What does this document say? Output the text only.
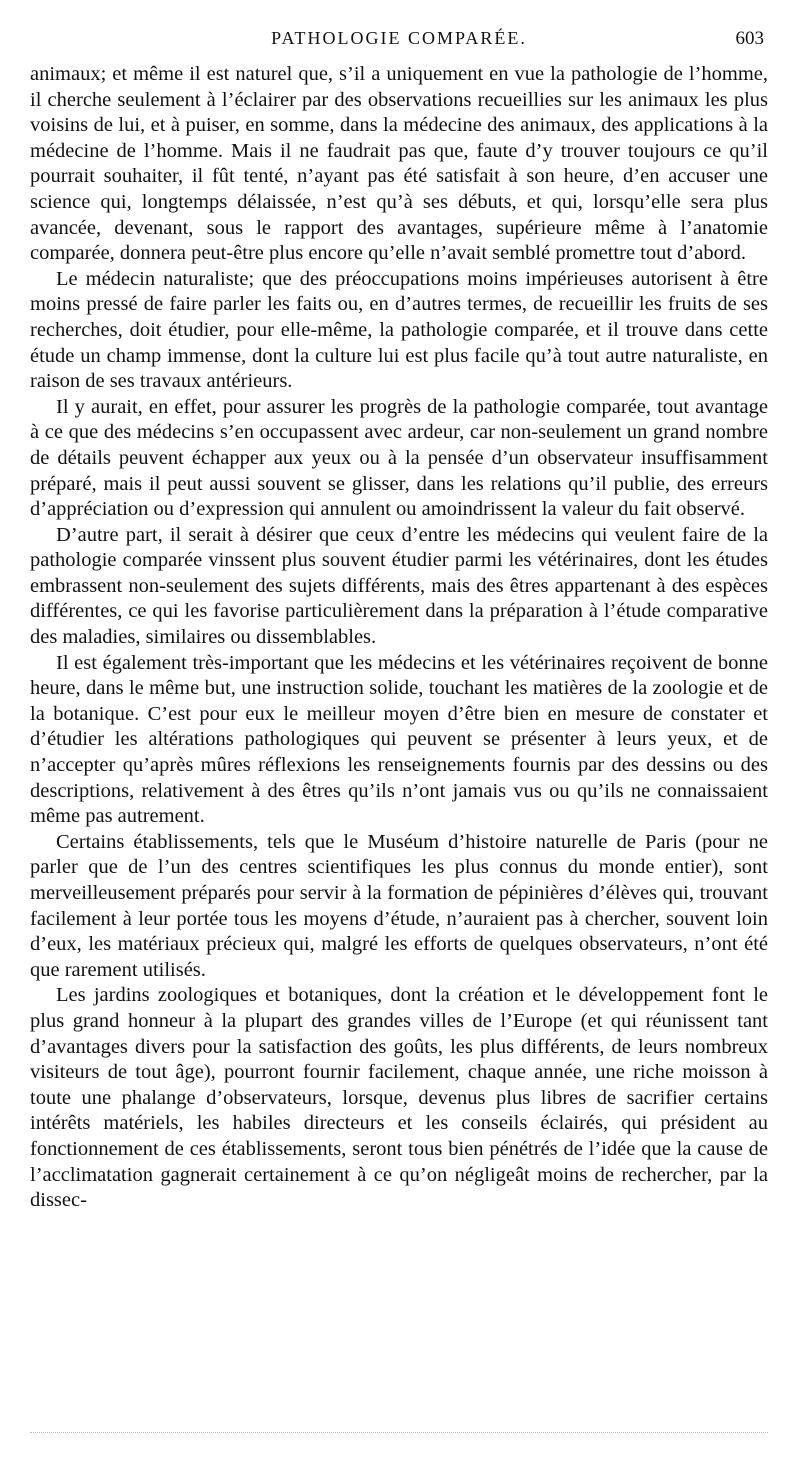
PATHOLOGIE COMPARÉE.	603

animaux; et même il est naturel que, s’il a uniquement en vue la pathologie de l’homme, il cherche seulement à l’éclairer par des observations recueillies sur les animaux les plus voisins de lui, et à puiser, en somme, dans la médecine des animaux, des applications à la médecine de l’homme. Mais il ne faudrait pas que, faute d’y trouver toujours ce qu’il pourrait souhaiter, il fût tenté, n’ayant pas été satisfait à son heure, d’en accuser une science qui, longtemps délaissée, n’est qu’à ses débuts, et qui, lorsqu’elle sera plus avancée, devenant, sous le rapport des avantages, supérieure même à l’anatomie comparée, donnera peut-être plus encore qu’elle n’avait semblé promettre tout d’abord.

Le médecin naturaliste; que des préoccupations moins impérieuses autorisent à être moins pressé de faire parler les faits ou, en d’autres termes, de recueillir les fruits de ses recherches, doit étudier, pour elle-même, la pathologie comparée, et il trouve dans cette étude un champ immense, dont la culture lui est plus facile qu’à tout autre naturaliste, en raison de ses travaux antérieurs.

Il y aurait, en effet, pour assurer les progrès de la pathologie comparée, tout avantage à ce que des médecins s’en occupassent avec ardeur, car non-seulement un grand nombre de détails peuvent échapper aux yeux ou à la pensée d’un observateur insuffisamment préparé, mais il peut aussi souvent se glisser, dans les relations qu’il publie, des erreurs d’appréciation ou d’expression qui annulent ou amoindrissent la valeur du fait observé.

D’autre part, il serait à désirer que ceux d’entre les médecins qui veulent faire de la pathologie comparée vinssent plus souvent étudier parmi les vétérinaires, dont les études embrassent non-seulement des sujets différents, mais des êtres appartenant à des espèces différentes, ce qui les favorise particulièrement dans la préparation à l’étude comparative des maladies, similaires ou dissemblables.

Il est également très-important que les médecins et les vétérinaires reçoivent de bonne heure, dans le même but, une instruction solide, touchant les matières de la zoologie et de la botanique. C’est pour eux le meilleur moyen d’être bien en mesure de constater et d’étudier les altérations pathologiques qui peuvent se présenter à leurs yeux, et de n’accepter qu’après mûres réflexions les renseignements fournis par des dessins ou des descriptions, relativement à des êtres qu’ils n’ont jamais vus ou qu’ils ne connaissaient même pas autrement.

Certains établissements, tels que le Muséum d’histoire naturelle de Paris (pour ne parler que de l’un des centres scientifiques les plus connus du monde entier), sont merveilleusement préparés pour servir à la formation de pépinières d’élèves qui, trouvant facilement à leur portée tous les moyens d’étude, n’auraient pas à chercher, souvent loin d’eux, les matériaux précieux qui, malgré les efforts de quelques observateurs, n’ont été que rarement utilisés.

Les jardins zoologiques et botaniques, dont la création et le développement font le plus grand honneur à la plupart des grandes villes de l’Europe (et qui réunissent tant d’avantages divers pour la satisfaction des goûts, les plus différents, de leurs nombreux visiteurs de tout âge), pourront fournir facilement, chaque année, une riche moisson à toute une phalange d’observateurs, lorsque, devenus plus libres de sacrifier certains intérêts matériels, les habiles directeurs et les conseils éclairés, qui président au fonctionnement de ces établissements, seront tous bien pénétrés de l’idée que la cause de l’acclimatation gagnerait certainement à ce qu’on négligeât moins de rechercher, par la dissec-
